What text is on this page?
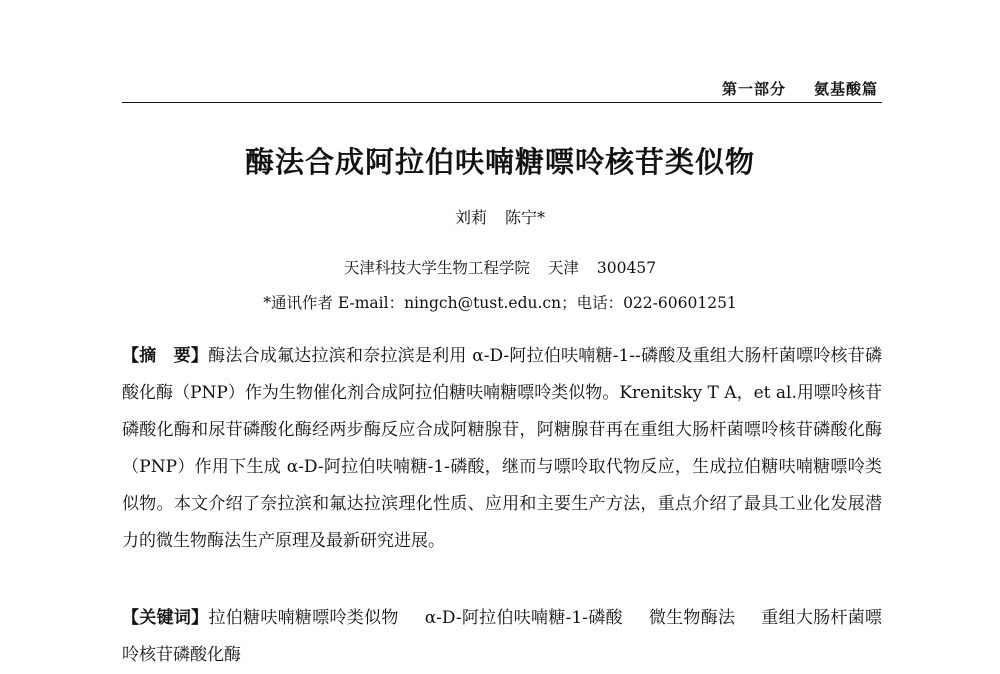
第一部分 氨基酸篇
酶法合成阿拉伯呋喃糖嘌呤核苷类似物
刘莉 陈宁*
天津科技大学生物工程学院 天津 300457
*通讯作者 E-mail：ningch@tust.edu.cn；电话：022-60601251
【摘　要】酶法合成氟达拉滨和奈拉滨是利用 α-D-阿拉伯呋喃糖-1--磷酸及重组大肠杆菌嘌呤核苷磷酸化酶（PNP）作为生物催化剂合成阿拉伯糖呋喃糖嘌呤类似物。Krenitsky T A，et al.用嘌呤核苷磷酸化酶和尿苷磷酸化酶经两步酶反应合成阿糖腺苷，阿糖腺苷再在重组大肠杆菌嘌呤核苷磷酸化酶（PNP）作用下生成 α-D-阿拉伯呋喃糖-1-磷酸，继而与嘌呤取代物反应，生成拉伯糖呋喃糖嘌呤类似物。本文介绍了奈拉滨和氟达拉滨理化性质、应用和主要生产方法，重点介绍了最具工业化发展潜力的微生物酶法生产原理及最新研究进展。
【关键词】拉伯糖呋喃糖嘌呤类似物 α-D-阿拉伯呋喃糖-1-磷酸 微生物酶法 重组大肠杆菌嘌呤核苷磷酸化酶
